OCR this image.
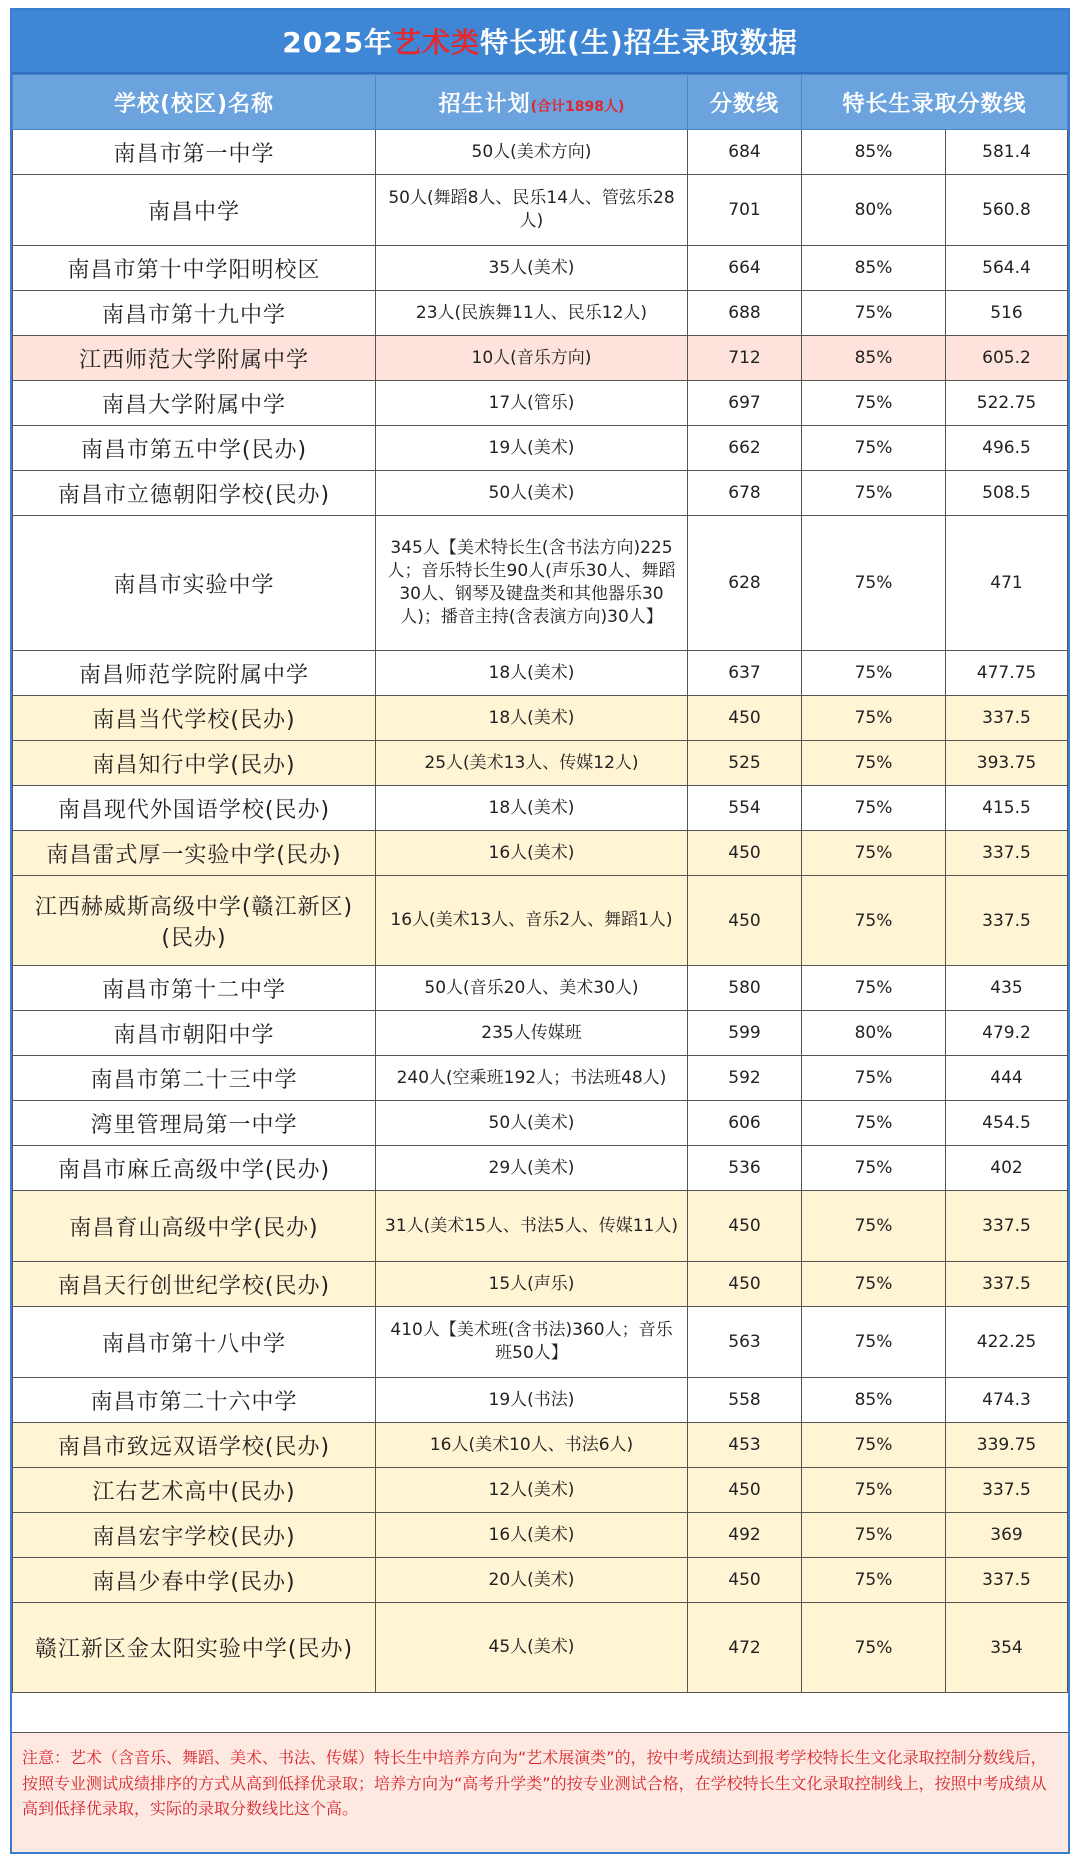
2025年 艺术类 特长班(生)招生录取数据
学校(校区)名称	招生计划(合计1898人)	分数线	特长生录取分数线	
南昌市第一中学	50人(美术方向)	684	85%	581.4
南昌中学	50人(舞蹈8人、民乐14人、管弦乐28人)	701	80%	560.8
南昌市第十中学阳明校区	35人(美术)	664	85%	564.4
南昌市第十九中学	23人(民族舞11人、民乐12人)	688	75%	516
江西师范大学附属中学	10人(音乐方向)	712	85%	605.2
南昌大学附属中学	17人(管乐)	697	75%	522.75
南昌市第五中学(民办)	19人(美术)	662	75%	496.5
南昌市立德朝阳学校(民办)	50人(美术)	678	75%	508.5
南昌市实验中学	345人【美术特长生(含书法方向)225人；音乐特长生90人(声乐30人、舞蹈30人、钢琴及键盘类和其他器乐30人)；播音主持(含表演方向)30人】	628	75%	471
南昌师范学院附属中学	18人(美术)	637	75%	477.75
南昌当代学校(民办)	18人(美术)	450	75%	337.5
南昌知行中学(民办)	25人(美术13人、传媒12人)	525	75%	393.75
南昌现代外国语学校(民办)	18人(美术)	554	75%	415.5
南昌雷式厚一实验中学(民办)	16人(美术)	450	75%	337.5
江西赫威斯高级中学(赣江新区)(民办)	16人(美术13人、音乐2人、舞蹈1人)	450	75%	337.5
南昌市第十二中学	50人(音乐20人、美术30人)	580	75%	435
南昌市朝阳中学	235人传媒班	599	80%	479.2
南昌市第二十三中学	240人(空乘班192人；书法班48人)	592	75%	444
湾里管理局第一中学	50人(美术)	606	75%	454.5
南昌市麻丘高级中学(民办)	29人(美术)	536	75%	402
南昌育山高级中学(民办)	31人(美术15人、书法5人、传媒11人)	450	75%	337.5
南昌天行创世纪学校(民办)	15人(声乐)	450	75%	337.5
南昌市第十八中学	410人【美术班(含书法)360人；音乐班50人】	563	75%	422.25
南昌市第二十六中学	19人(书法)	558	85%	474.3
南昌市致远双语学校(民办)	16人(美术10人、书法6人)	453	75%	339.75
江右艺术高中(民办)	12人(美术)	450	75%	337.5
南昌宏宇学校(民办)	16人(美术)	492	75%	369
南昌少春中学(民办)	20人(美术)	450	75%	337.5
赣江新区金太阳实验中学(民办)	45人(美术)	472	75%	354
注意：艺术（含音乐、舞蹈、美术、书法、传媒）特长生中培养方向为“艺术展演类”的，按中考成绩达到报考学校特长生文化录取控制分数线后，按照专业测试成绩排序的方式从高到低择优录取；培养方向为“高考升学类”的按专业测试合格，在学校特长生文化录取控制线上，按照中考成绩从高到低择优录取，实际的录取分数线比这个高。
